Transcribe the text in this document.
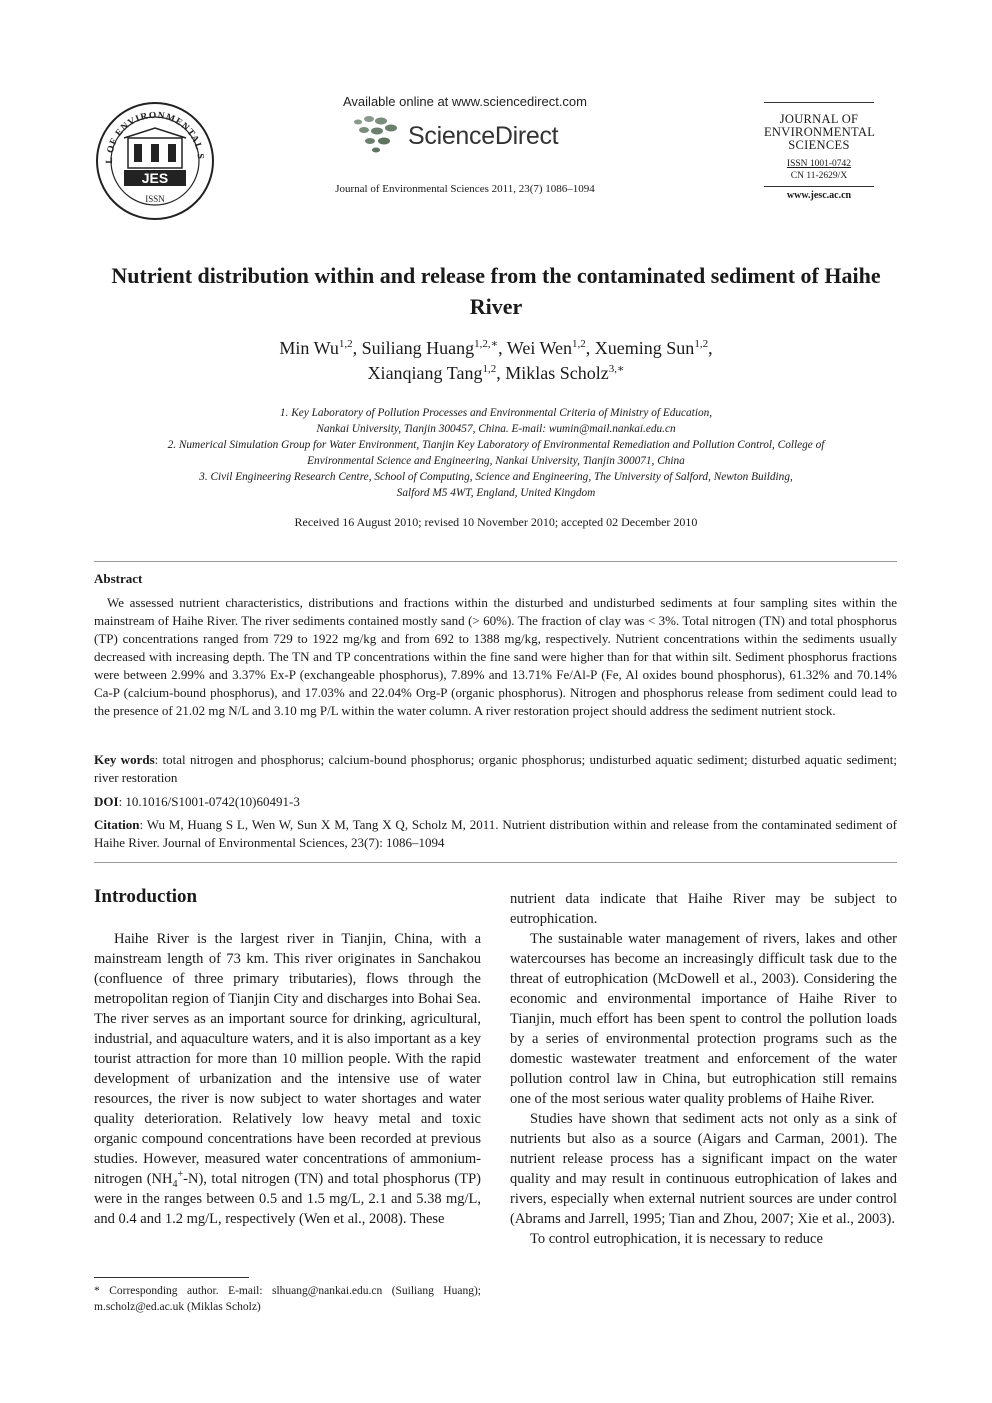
L OF ENVIRONMENTAL S
JES
ISSN
Available online at www.sciencedirect.com
ScienceDirect
Journal of Environmental Sciences 2011, 23(7) 1086–1094
JOURNAL OF
ENVIRONMENTAL
SCIENCES
ISSN 1001-0742
CN 11-2629/X
www.jesc.ac.cn
Nutrient distribution within and release from the contaminated sediment of Haihe River
Min Wu$^{1,2}$, Suiliang Huang$^{1,2,∗}$, Wei Wen$^{1,2}$, Xueming Sun$^{1,2}$,
Xianqiang Tang$^{1,2}$, Miklas Scholz$^{3,∗}$
1. Key Laboratory of Pollution Processes and Environmental Criteria of Ministry of Education,
Nankai University, Tianjin 300457, China. E-mail: wumin@mail.nankai.edu.cn
2. Numerical Simulation Group for Water Environment, Tianjin Key Laboratory of Environmental Remediation and Pollution Control, College of
Environmental Science and Engineering, Nankai University, Tianjin 300071, China
3. Civil Engineering Research Centre, School of Computing, Science and Engineering, The University of Salford, Newton Building,
Salford M5 4WT, England, United Kingdom
Received 16 August 2010; revised 10 November 2010; accepted 02 December 2010
Abstract

We assessed nutrient characteristics, distributions and fractions within the disturbed and undisturbed sediments at four sampling sites within the mainstream of Haihe River. The river sediments contained mostly sand (> 60%). The fraction of clay was < 3%. Total nitrogen (TN) and total phosphorus (TP) concentrations ranged from 729 to 1922 mg/kg and from 692 to 1388 mg/kg, respectively. Nutrient concentrations within the sediments usually decreased with increasing depth. The TN and TP concentrations within the fine sand were higher than for that within silt. Sediment phosphorus fractions were between 2.99% and 3.37% Ex-P (exchangeable phosphorus), 7.89% and 13.71% Fe/Al-P (Fe, Al oxides bound phosphorus), 61.32% and 70.14% Ca-P (calcium-bound phosphorus), and 17.03% and 22.04% Org-P (organic phosphorus). Nitrogen and phosphorus release from sediment could lead to the presence of 21.02 mg N/L and 3.10 mg P/L within the water column. A river restoration project should address the sediment nutrient stock.

Key words: total nitrogen and phosphorus; calcium-bound phosphorus; organic phosphorus; undisturbed aquatic sediment; disturbed aquatic sediment; river restoration

DOI: 10.1016/S1001-0742(10)60491-3

Citation: Wu M, Huang S L, Wen W, Sun X M, Tang X Q, Scholz M, 2011. Nutrient distribution within and release from the contaminated sediment of Haihe River. Journal of Environmental Sciences, 23(7): 1086–1094

Introduction

Haihe River is the largest river in Tianjin, China, with a mainstream length of 73 km. This river originates in Sanchakou (confluence of three primary tributaries), flows through the metropolitan region of Tianjin City and discharges into Bohai Sea. The river serves as an important source for drinking, agricultural, industrial, and aquaculture waters, and it is also important as a key tourist attraction for more than 10 million people. With the rapid development of urbanization and the intensive use of water resources, the river is now subject to water shortages and water quality deterioration. Relatively low heavy metal and toxic organic compound concentrations have been recorded at previous studies. However, measured water concentrations of ammonium-nitrogen $(NH_4^+-N)$, total nitrogen (TN) and total phosphorus (TP) were in the ranges between 0.5 and 1.5 mg/L, 2.1 and 5.38 mg/L, and 0.4 and 1.2 mg/L, respectively (Wen et al., 2008). These

nutrient data indicate that Haihe River may be subject to eutrophication.

The sustainable water management of rivers, lakes and other watercourses has become an increasingly difficult task due to the threat of eutrophication (McDowell et al., 2003). Considering the economic and environmental importance of Haihe River to Tianjin, much effort has been spent to control the pollution loads by a series of environmental protection programs such as the domestic wastewater treatment and enforcement of the water pollution control law in China, but eutrophication still remains one of the most serious water quality problems of Haihe River.

Studies have shown that sediment acts not only as a sink of nutrients but also as a source (Aigars and Carman, 2001). The nutrient release process has a significant impact on the water quality and may result in continuous eutrophication of lakes and rivers, especially when external nutrient sources are under control (Abrams and Jarrell, 1995; Tian and Zhou, 2007; Xie et al., 2003).

To control eutrophication, it is necessary to reduce

* Corresponding author. E-mail: slhuang@nankai.edu.cn (Suiliang Huang); m.scholz@ed.ac.uk (Miklas Scholz)
